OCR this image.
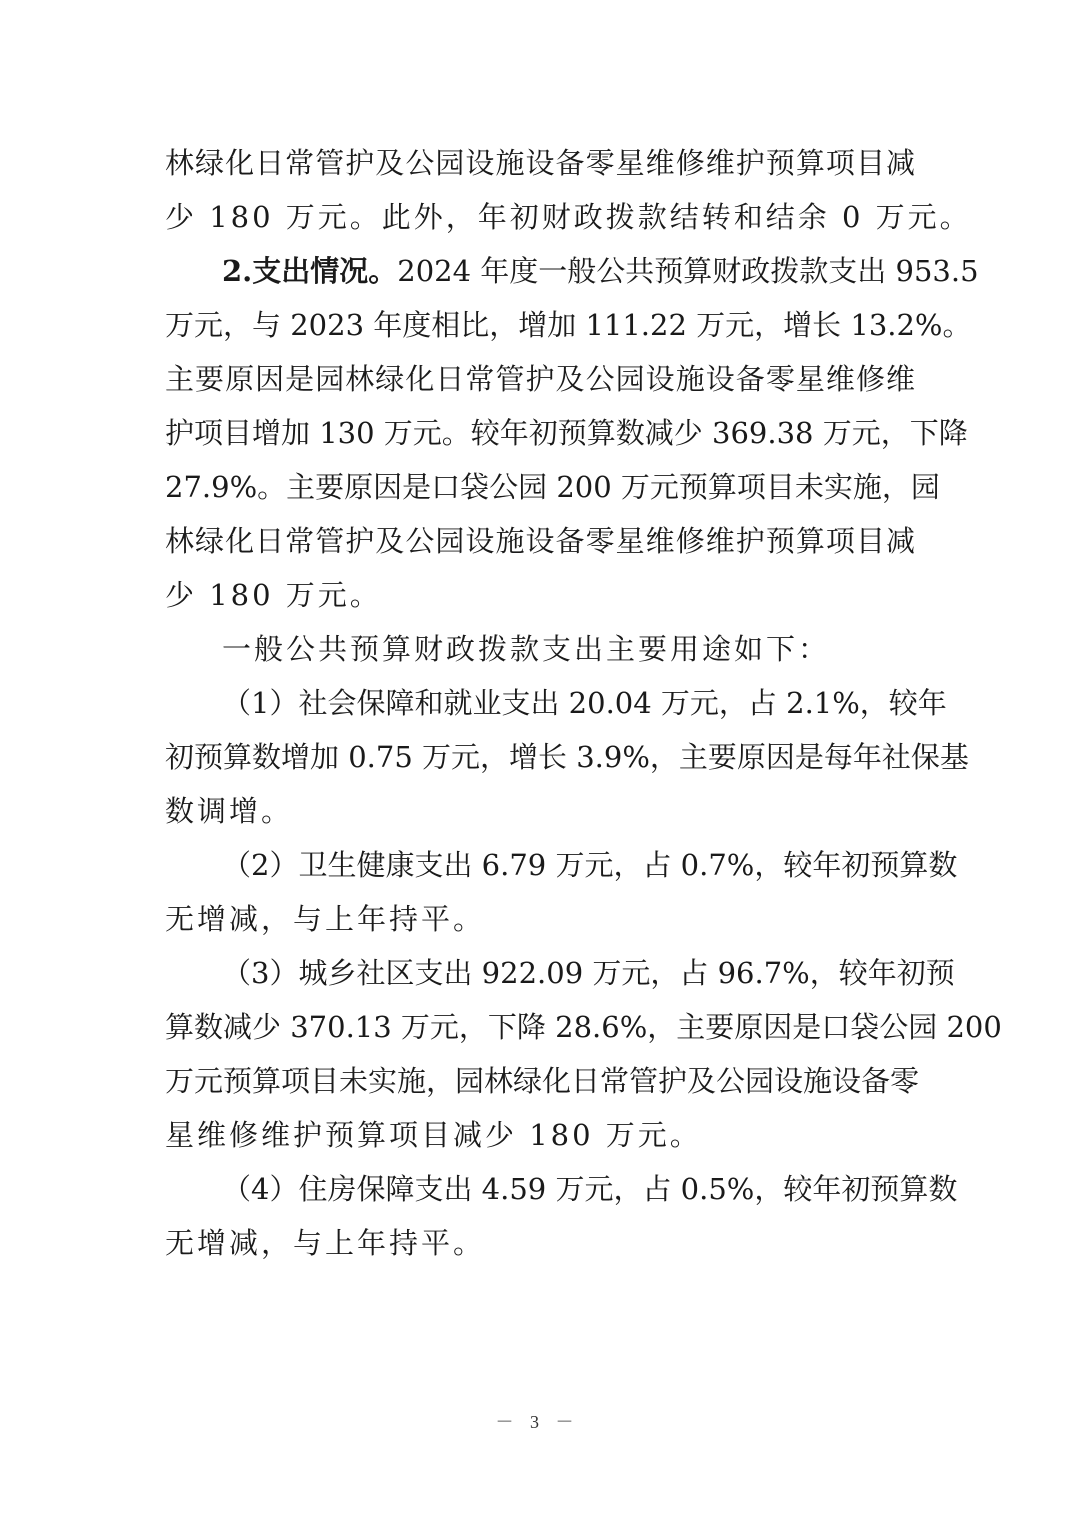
林绿化日常管护及公园设施设备零星维修维护预算项目减
少 180 万元。此外，年初财政拨款结转和结余 0 万元。
2.支出情况。2024 年度一般公共预算财政拨款支出 953.5
万元，与 2023 年度相比，增加 111.22 万元，增长 13.2%。
主要原因是园林绿化日常管护及公园设施设备零星维修维
护项目增加 130 万元。较年初预算数减少 369.38 万元，下降
27.9%。主要原因是口袋公园 200 万元预算项目未实施，园
林绿化日常管护及公园设施设备零星维修维护预算项目减
少 180 万元。
一般公共预算财政拨款支出主要用途如下：
（1）社会保障和就业支出 20.04 万元，占 2.1%，较年
初预算数增加 0.75 万元，增长 3.9%，主要原因是每年社保基
数调增。
（2）卫生健康支出 6.79 万元，占 0.7%，较年初预算数
无增减，与上年持平。
（3）城乡社区支出 922.09 万元，占 96.7%，较年初预
算数减少 370.13 万元，下降 28.6%，主要原因是口袋公园 200
万元预算项目未实施，园林绿化日常管护及公园设施设备零
星维修维护预算项目减少 180 万元。
（4）住房保障支出 4.59 万元，占 0.5%，较年初预算数
无增减，与上年持平。
－ 3 －
